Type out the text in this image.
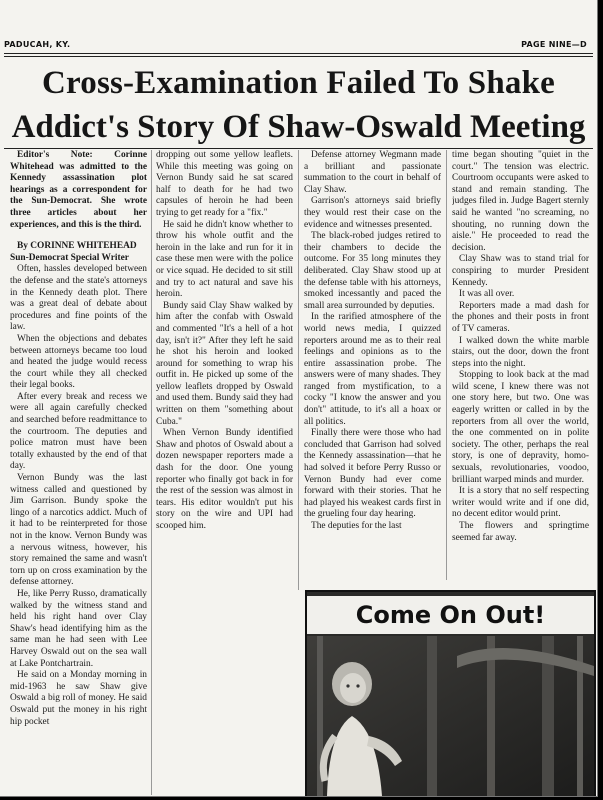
PADUCAH, KY.	PAGE NINE—D
Cross-Examination Failed To Shake
Addict's Story Of Shaw-Oswald Meeting

Editor's Note: Corinne Whitehead was admitted to the Kennedy assassination plot hearings as a correspondent for the Sun-Democrat. She wrote three articles about her experiences, and this is the third.

By CORINNE WHITEHEAD

Sun-Democrat Special Writer

Often, hassles developed between the defense and the state's attorneys in the Kennedy death plot. There was a great deal of debate about procedures and fine points of the law.

When the objections and debates between attorneys became too loud and heated the judge would recess the court while they all checked their legal books.

After every break and recess we were all again carefully checked and searched before readmittance to the courtroom. The deputies and police matron must have been totally exhausted by the end of that day.

Vernon Bundy was the last witness called and questioned by Jim Garrison. Bundy spoke the lingo of a narcotics addict. Much of it had to be reinterpreted for those not in the know. Vernon Bundy was a nervous witness, however, his story remained the same and wasn't torn up on cross examination by the defense attorney.

He, like Perry Russo, dramatically walked by the witness stand and held his right hand over Clay Shaw's head identifying him as the same man he had seen with Lee Harvey Oswald out on the sea wall at Lake Pontchartrain.

He said on a Monday morning in mid-1963 he saw Shaw give Oswald a big roll of money. He said Oswald put the money in his right hip pocket

dropping out some yellow leaflets. While this meeting was going on Vernon Bundy said he sat scared half to death for he had two capsules of heroin he had been trying to get ready for a "fix."

He said he didn't know whether to throw his whole outfit and the heroin in the lake and run for it in case these men were with the police or vice squad. He decided to sit still and try to act natural and save his heroin.

Bundy said Clay Shaw walked by him after the confab with Oswald and commented "It's a hell of a hot day, isn't it?" After they left he said he shot his heroin and looked around for something to wrap his outfit in. He picked up some of the yellow leaflets dropped by Oswald and used them. Bundy said they had written on them "something about Cuba."

When Vernon Bundy identified Shaw and photos of Oswald about a dozen newspaper reporters made a dash for the door. One young reporter who finally got back in for the rest of the session was almost in tears. His editor wouldn't put his story on the wire and UPI had scooped him.

Defense attorney Wegmann made a brilliant and passionate summation to the court in behalf of Clay Shaw.

Garrison's attorneys said briefly they would rest their case on the evidence and witnesses presented.

The black-robed judges retired to their chambers to decide the outcome. For 35 long minutes they deliberated. Clay Shaw stood up at the defense table with his attorneys, smoked incessantly and paced the small area surrounded by deputies.

In the rarified atmosphere of the world news media, I quizzed reporters around me as to their real feelings and opinions as to the entire assassination probe. The answers were of many shades. They ranged from mystification, to a cocky "I know the answer and you don't" attitude, to it's all a hoax or all politics.

Finally there were those who had concluded that Garrison had solved the Kennedy assassination—that he had solved it before Perry Russo or Vernon Bundy had ever come forward with their stories. That he had played his weakest cards first in the grueling four day hearing.

The deputies for the last

time began shouting "quiet in the court." The tension was electric. Courtroom occupants were asked to stand and remain standing. The judges filed in. Judge Bagert sternly said he wanted "no screaming, no shouting, no running down the aisle." He proceeded to read the decision.

Clay Shaw was to stand trial for conspiring to murder President Kennedy.

It was all over.

Reporters made a mad dash for the phones and their posts in front of TV cameras.

I walked down the white marble stairs, out the door, down the front steps into the night.

Stopping to look back at the mad wild scene, I knew there was not one story here, but two. One was eagerly written or called in by the reporters from all over the world, the one commented on in polite society. The other, perhaps the real story, is one of depravity, homo-sexuals, revolutionaries, voodoo, brilliant warped minds and murder.

It is a story that no self respecting writer would write and if one did, no decent editor would print.

The flowers and springtime seemed far away.

Come On Out!
